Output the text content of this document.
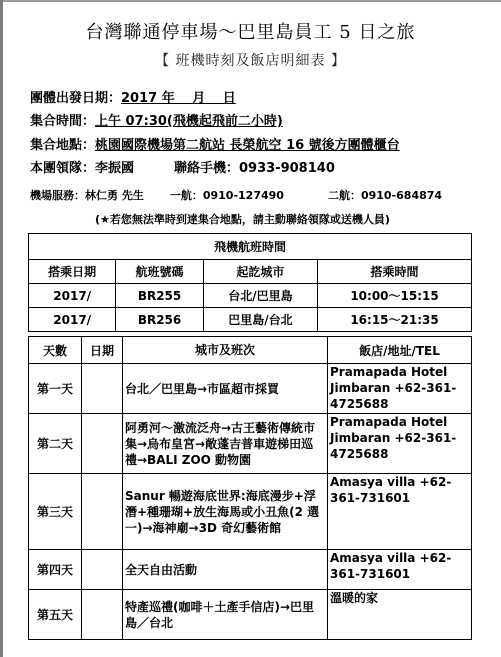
台灣聯通停車場～巴里島員工 5 日之旅
【 班機時刻及飯店明細表 】
團體出發日期：2017 年 　月 　日
集合時間：上午 07:30(飛機起飛前二小時)
集合地點：桃園國際機場第二航站 長榮航空 16 號後方團體櫃台
本團領隊：李振國	聯絡手機：0933-908140
機場服務：林仁勇 先生 一航：0910-127490	二航：0910-684874
(★若您無法準時到達集合地點，請主動聯絡領隊或送機人員)
飛機航班時間			
搭乘日期	航班號碼	起訖城市	搭乘時間
2017/	BR255	台北/巴里島	10:00～15:15
2017/	BR256	巴里島/台北	16:15～21:35
天數	日期	城市及班次	飯店/地址/TEL
第一天		台北／巴里島→市區超市採買	Pramapada Hotel Jimbaran +62-361-4725688
第二天		阿勇河～激流泛舟→古王藝術傳統市集→烏布皇宮→敞蓬吉普車遊梯田巡禮→BALI ZOO 動物園	Pramapada Hotel Jimbaran +62-361-4725688
第三天		Sanur 暢遊海底世界:海底漫步+浮潛+種珊瑚+放生海馬或小丑魚(2 選一)→海神廟→3D 奇幻藝術館	Amasya villa +62-361-731601
第四天		全天自由活動	Amasya villa +62-361-731601
第五天		特產巡禮(咖啡＋土產手信店)→巴里島／台北	溫暖的家
